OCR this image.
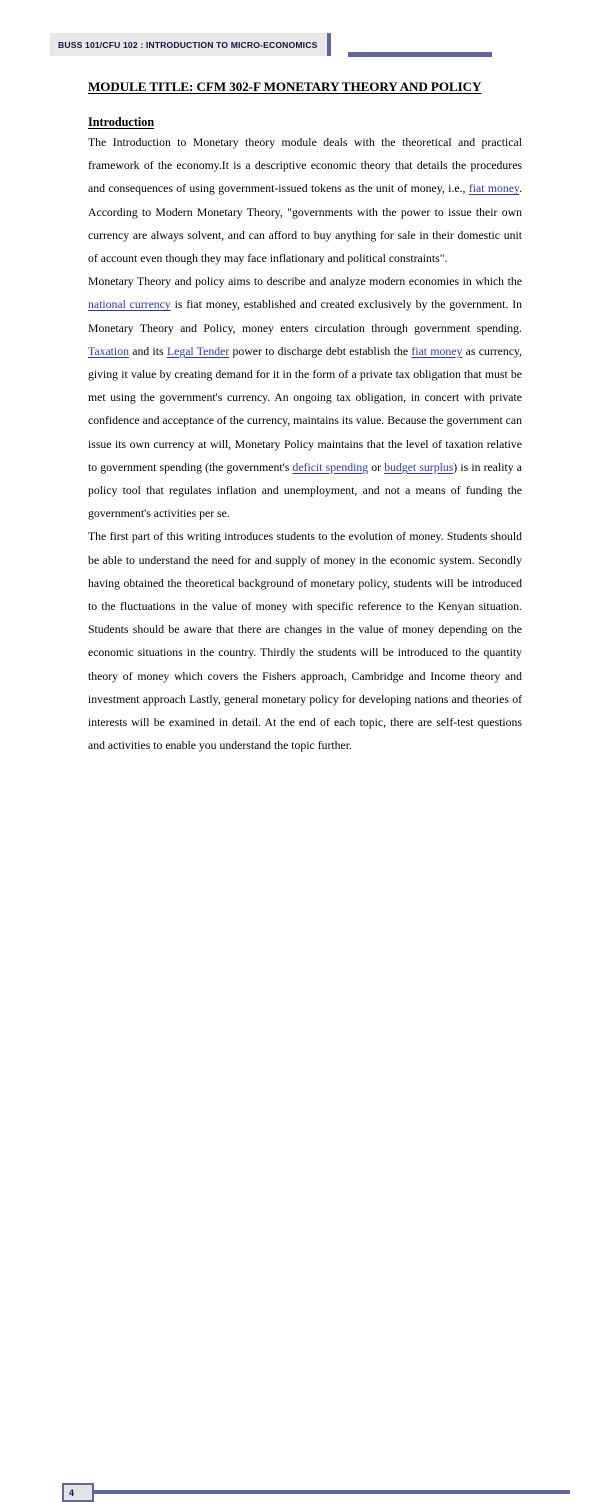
BUSS 101/CFU 102 : INTRODUCTION TO MICRO-ECONOMICS
MODULE TITLE: CFM 302-F MONETARY THEORY AND POLICY
Introduction

The Introduction to Monetary theory module deals with the theoretical and practical framework of the economy.It is a descriptive economic theory that details the procedures and consequences of using government-issued tokens as the unit of money, i.e., fiat money. According to Modern Monetary Theory, "governments with the power to issue their own currency are always solvent, and can afford to buy anything for sale in their domestic unit of account even though they may face inflationary and political constraints".

Monetary Theory and policy aims to describe and analyze modern economies in which the national currency is fiat money, established and created exclusively by the government. In Monetary Theory and Policy, money enters circulation through government spending. Taxation and its Legal Tender power to discharge debt establish the fiat money as currency, giving it value by creating demand for it in the form of a private tax obligation that must be met using the government's currency. An ongoing tax obligation, in concert with private confidence and acceptance of the currency, maintains its value. Because the government can issue its own currency at will, Monetary Policy maintains that the level of taxation relative to government spending (the government's deficit spending or budget surplus) is in reality a policy tool that regulates inflation and unemployment, and not a means of funding the government's activities per se.

The first part of this writing introduces students to the evolution of money. Students should be able to understand the need for and supply of money in the economic system. Secondly having obtained the theoretical background of monetary policy, students will be introduced to the fluctuations in the value of money with specific reference to the Kenyan situation. Students should be aware that there are changes in the value of money depending on the economic situations in the country. Thirdly the students will be introduced to the quantity theory of money which covers the Fishers approach, Cambridge and Income theory and investment approach Lastly, general monetary policy for developing nations and theories of interests will be examined in detail. At the end of each topic, there are self-test questions and activities to enable you understand the topic further.

4
